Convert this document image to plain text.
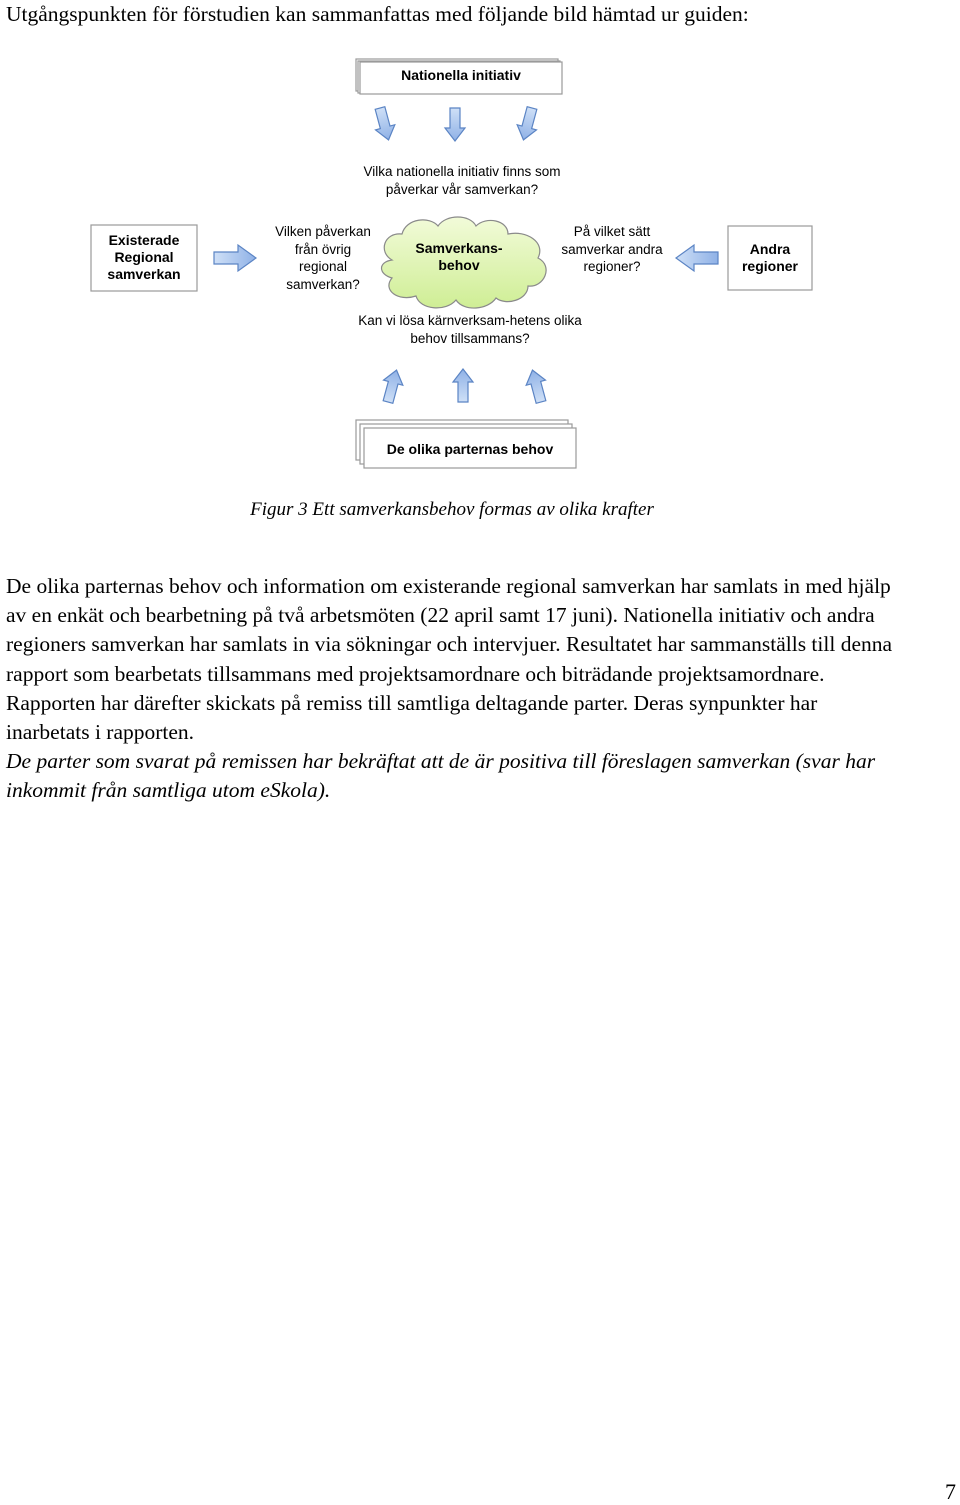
Utgångspunkten för förstudien kan sammanfattas med följande bild hämtad ur guiden:
Nationella initiativ
Vilka nationella initiativ finns som påverkar vår samverkan?
Existerade Regional samverkan
Vilken påverkan från övrig regional samverkan?
Samverkans-behov
På vilket sätt samverkar andra regioner?
Andra regioner
Kan vi lösa kärnverksam-hetens olika behov tillsammans?
De olika parternas behov
Figur 3 Ett samverkansbehov formas av olika krafter

De olika parternas behov och information om existerande regional samverkan har samlats in med hjälp av en enkät och bearbetning på två arbetsmöten (22 april samt 17 juni). Nationella initiativ och andra regioners samverkan har samlats in via sökningar och intervjuer. Resultatet har sammanställs till denna rapport som bearbetats tillsammans med projektsamordnare och biträdande projektsamordnare. Rapporten har därefter skickats på remiss till samtliga deltagande parter. Deras synpunkter har inarbetats i rapporten.

De parter som svarat på remissen har bekräftat att de är positiva till föreslagen samverkan (svar har inkommit från samtliga utom eSkola).

7
